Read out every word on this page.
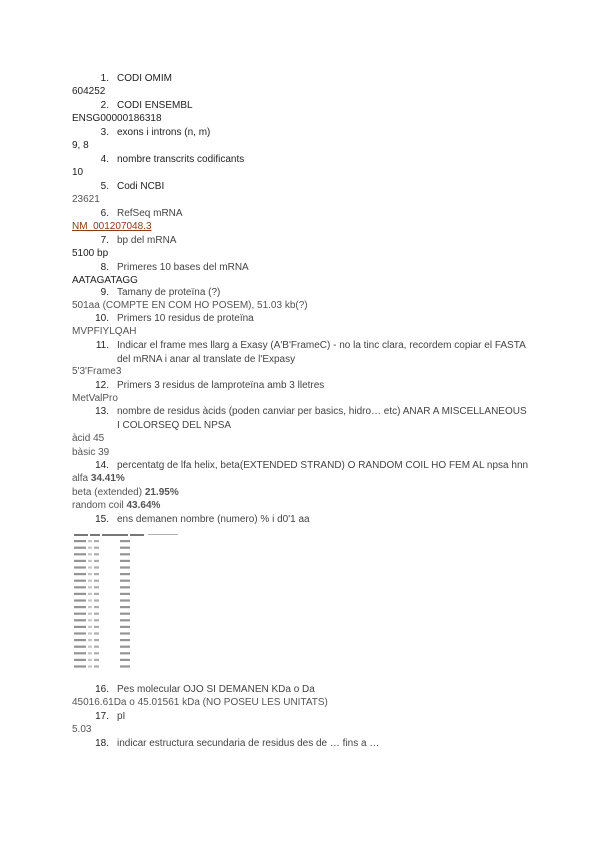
1. CODI OMIM
604252
2. CODI ENSEMBL
ENSG00000186318
3. exons i introns (n, m)
9, 8
4. nombre transcrits codificants
10
5. Codi NCBI
23621
6. RefSeq mRNA
NM_001207048.3
7. bp del mRNA
5100 bp
8. Primeres 10 bases del mRNA
AATAGATAGG
9. Tamany de proteïna (?)
501aa (COMPTE EN COM HO POSEM), 51.03 kb(?)
10. Primers 10 residus de proteïna
MVPFIYLQAH
11. Indicar el frame mes llarg a Exasy (A'B'FrameC) - no la tinc clara, recordem copiar el FASTA
del mRNA i anar al translate de l'Expasy
5'3'Frame3
12. Primers 3 residus de lamproteïna amb 3 lletres
MetValPro
13. nombre de residus àcids (poden canviar per basics, hidro… etc) ANAR A MISCELLANEOUS
I COLORSEQ DEL NPSA
àcid 45
bàsic 39
14. percentatg de lfa helix, beta(EXTENDED STRAND) O RANDOM COIL HO FEM AL npsa hnn
alfa 34.41%
beta (extended) 21.95%
random coil 43.64%
15. ens demanen nombre (numero) % i d0'1 aa
16. Pes molecular OJO SI DEMANEN KDa o Da
45016.61Da o 45.01561 kDa (NO POSEU LES UNITATS)
17. pI
5.03
18. indicar estructura secundaria de residus des de … fins a …
